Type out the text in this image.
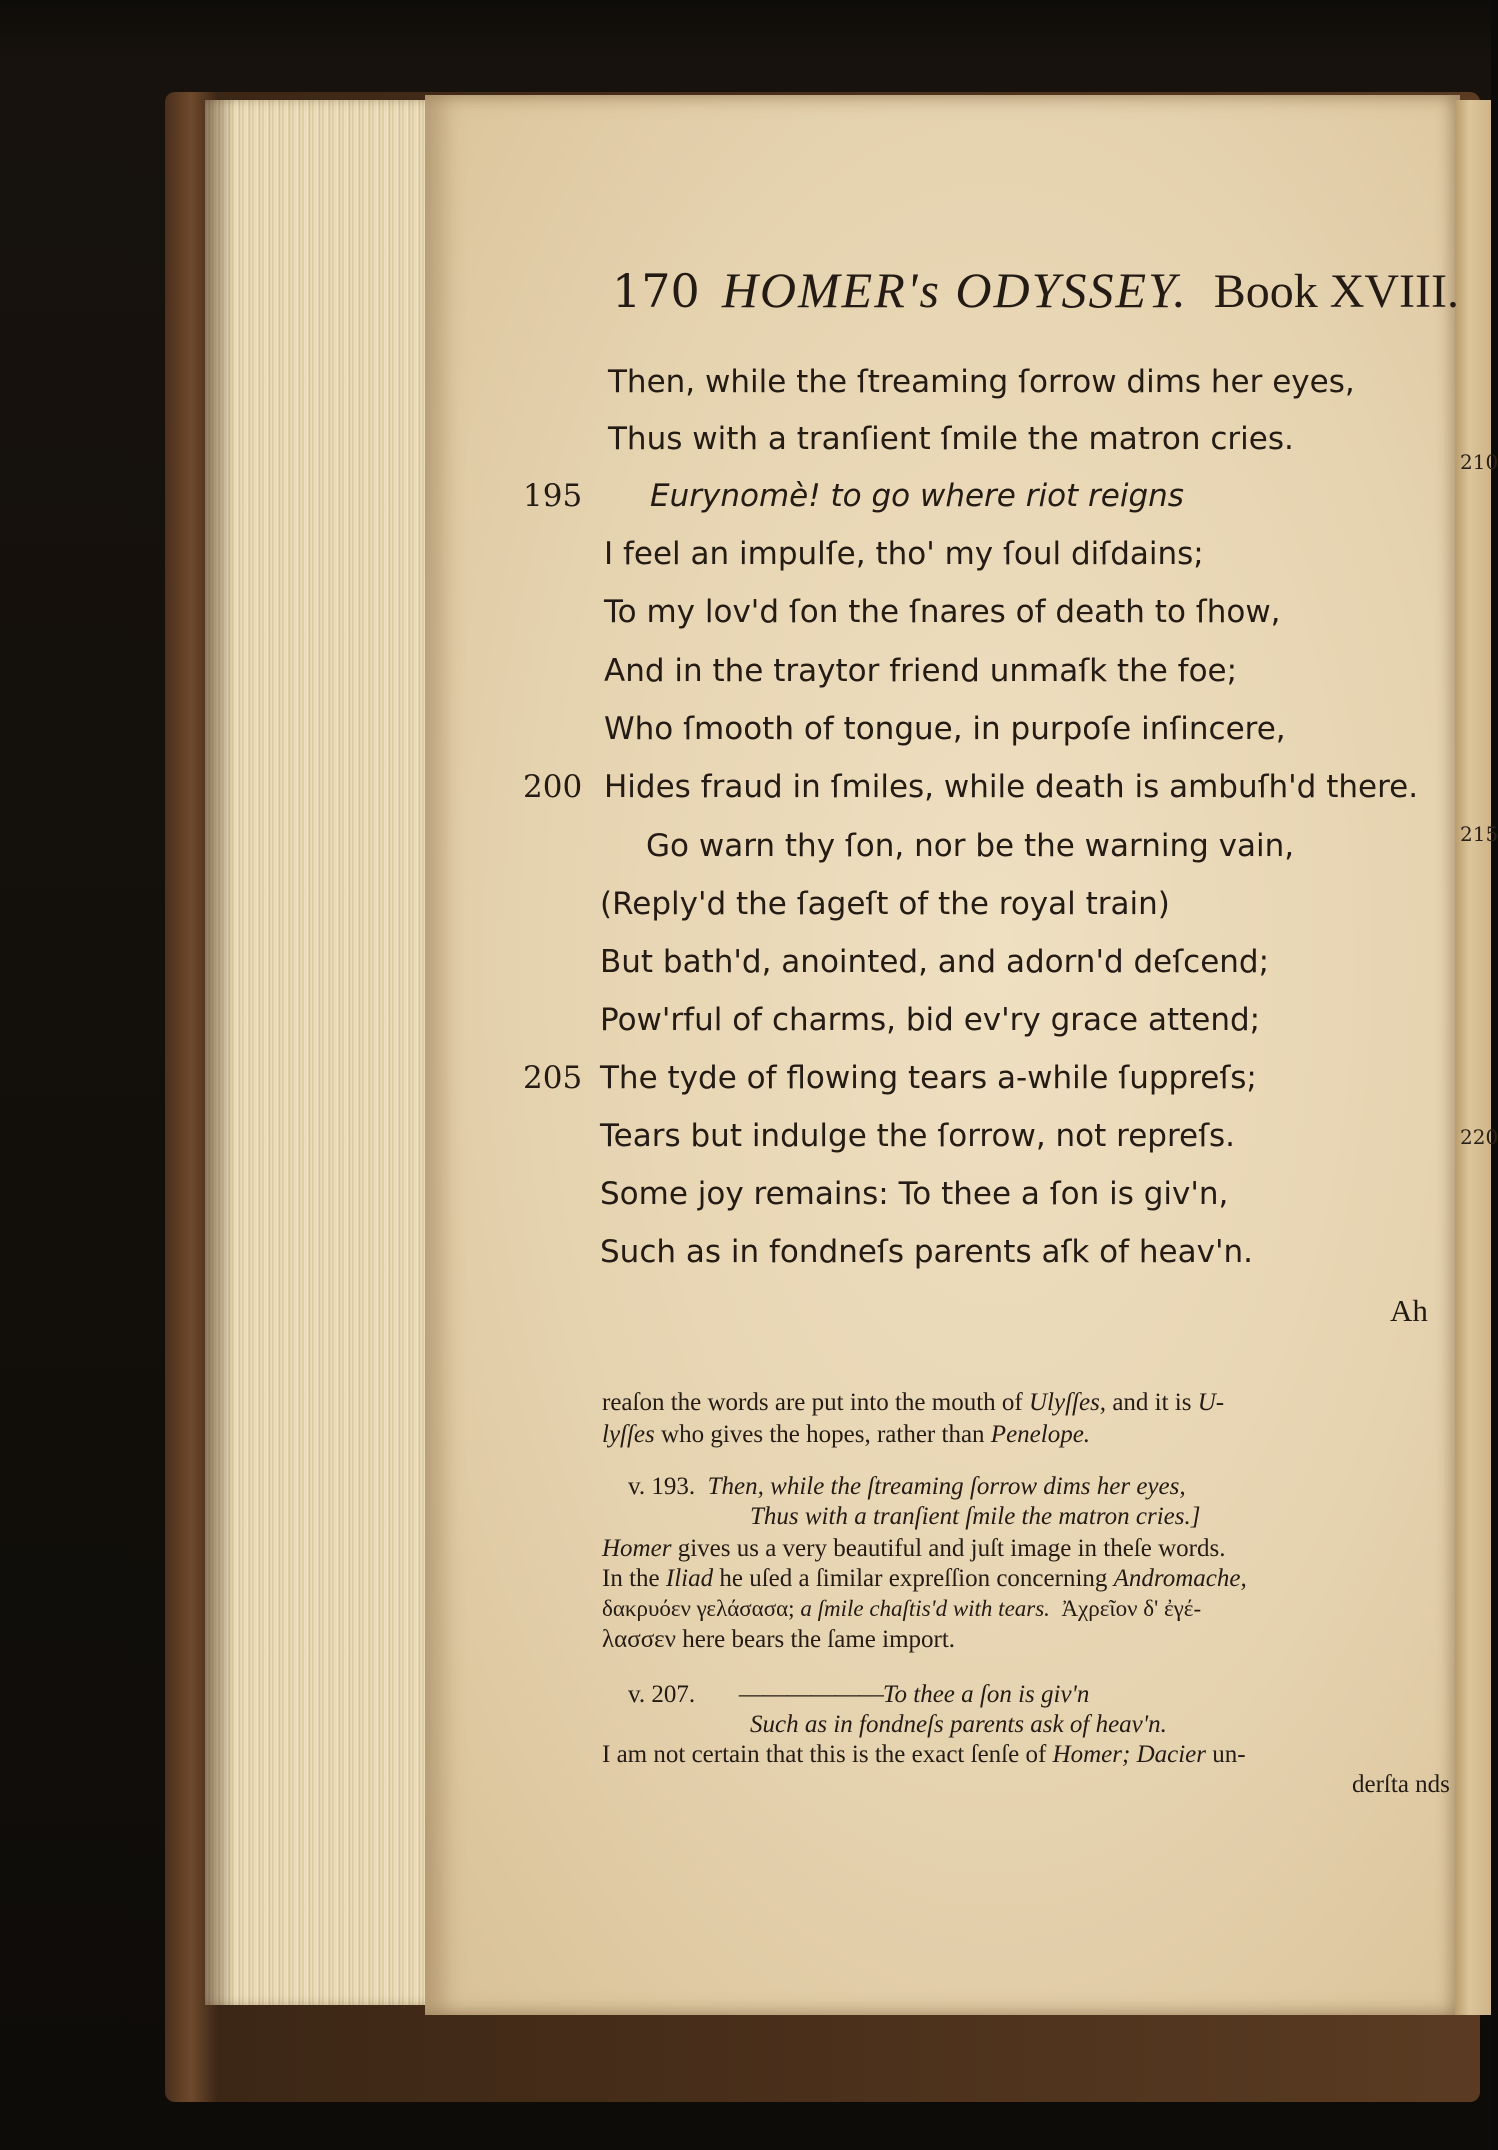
210
215
220
170 HOMER's ODYSSEY. Book XVIII.
195
200
205
Then, while the ſtreaming ſorrow dims her eyes,
Thus with a tranſient ſmile the matron cries.
Eurynomè! to go where riot reigns
I feel an impulſe, tho' my ſoul diſdains;
To my lov'd ſon the ſnares of death to ſhow,
And in the traytor friend unmaſk the foe;
Who ſmooth of tongue, in purpoſe inſincere,
Hides fraud in ſmiles, while death is ambuſh'd there.
Go warn thy ſon, nor be the warning vain,
(Reply'd the ſageſt of the royal train)
But bath'd, anointed, and adorn'd deſcend;
Pow'rful of charms, bid ev'ry grace attend;
The tyde of flowing tears a-while ſuppreſs;
Tears but indulge the ſorrow, not repreſs.
Some joy remains: To thee a ſon is giv'n,
Such as in fondneſs parents aſk of heav'n.
Ah
reaſon the words are put into the mouth of Ulyſſes, and it is U-
lyſſes who gives the hopes, rather than Penelope.
v. 193. Then, while the ſtreaming ſorrow dims her eyes,
Thus with a tranſient ſmile the matron cries.]
Homer gives us a very beautiful and juſt image in theſe words.
In the Iliad he uſed a ſimilar expreſſion concerning Andromache,
δακρυόεν γελάσασα; a ſmile chaſtis'd with tears. Ἀχρεῖον δ' ἐγέ-
λασσεν here bears the ſame import.
v. 207. ——————To thee a ſon is giv'n
Such as in fondneſs parents ask of heav'n.
I am not certain that this is the exact ſenſe of Homer; Dacier un-
derſta nds
